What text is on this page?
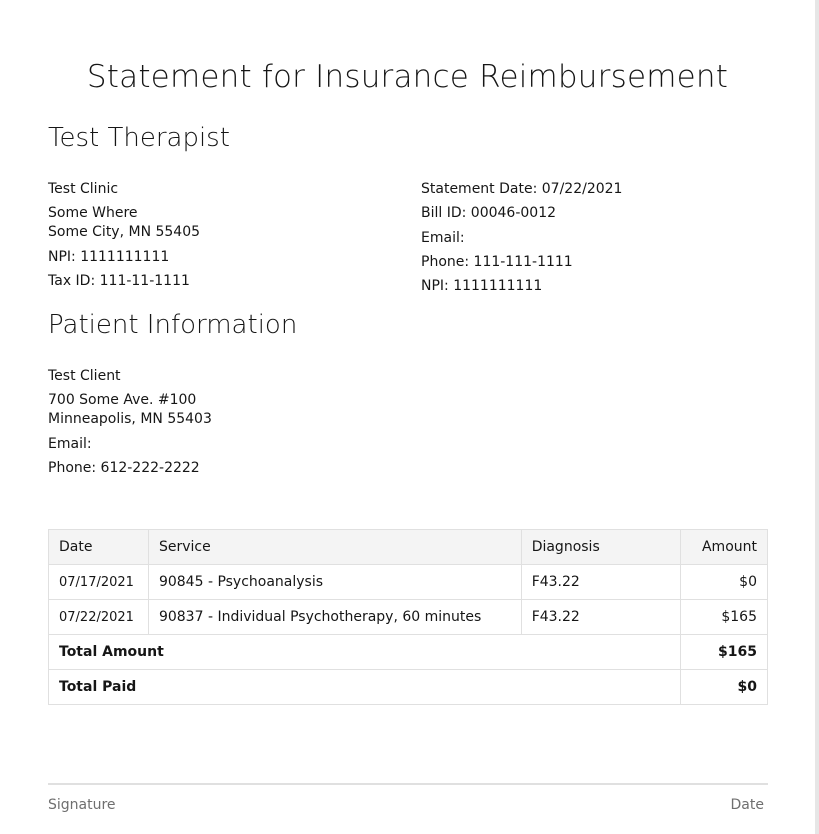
Statement for Insurance Reimbursement
Test Therapist
Test Clinic
Some Where
Some City, MN 55405
NPI: 1111111111
Tax ID: 111-11-1111
Statement Date: 07/22/2021
Bill ID: 00046-0012
Email:
Phone: 111-111-1111
NPI: 1111111111
Patient Information
Test Client
700 Some Ave. #100
Minneapolis, MN 55403
Email:
Phone: 612-222-2222
Date	Service	Diagnosis	Amount
07/17/2021	90845 - Psychoanalysis	F43.22	$0
07/22/2021	90837 - Individual Psychotherapy, 60 minutes	F43.22	$165
Total Amount			$165
Total Paid			$0
Signature	Date
